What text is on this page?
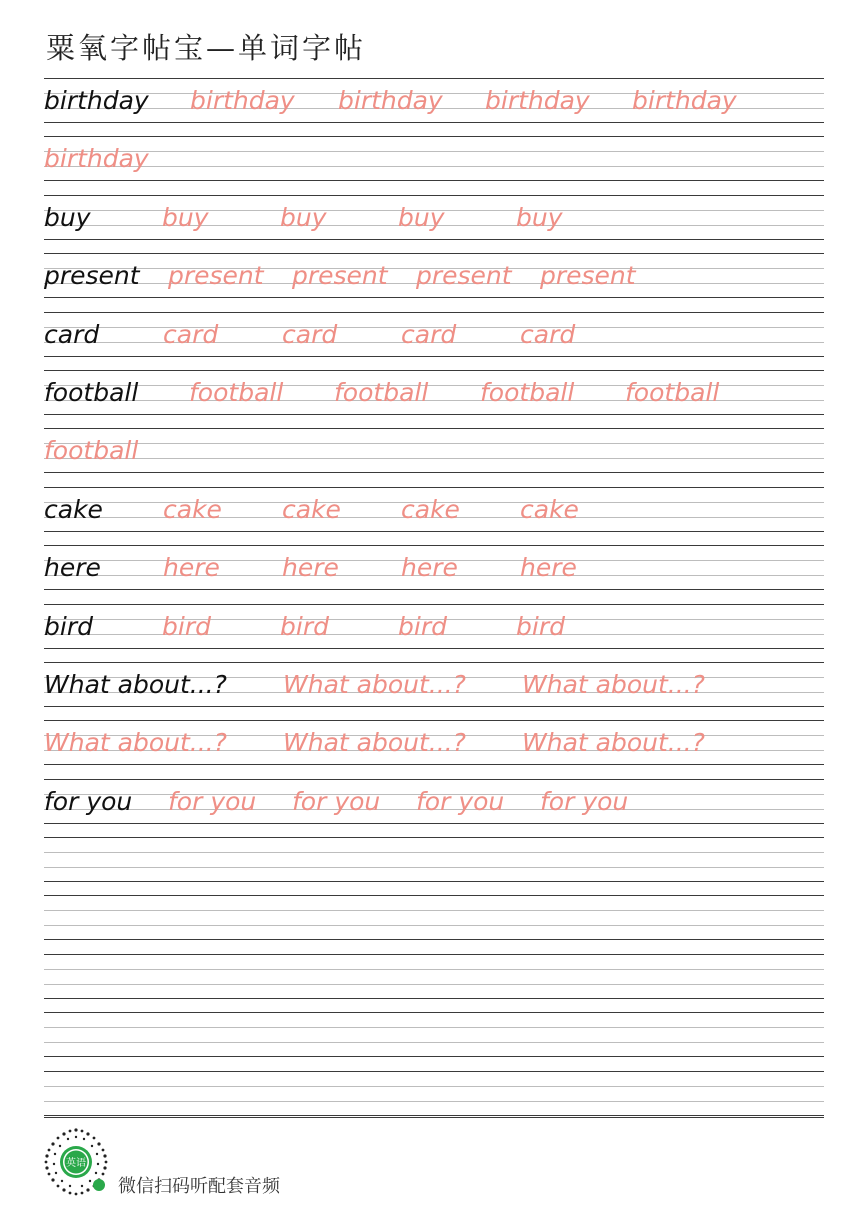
粟氧字帖宝—单词字帖
birthday birthday birthday birthday birthday
birthday
buy	buy	buy	buy	buy
present present present present present
card	card	card	card	card
football football football football football
football
cake cake cake cake cake
here here here here here
bird	bird	bird	bird	bird
What about...? What about...? What about...?
What about...? What about...? What about...?
for you for you for you for you for you
英语
微信扫码听配套音频
